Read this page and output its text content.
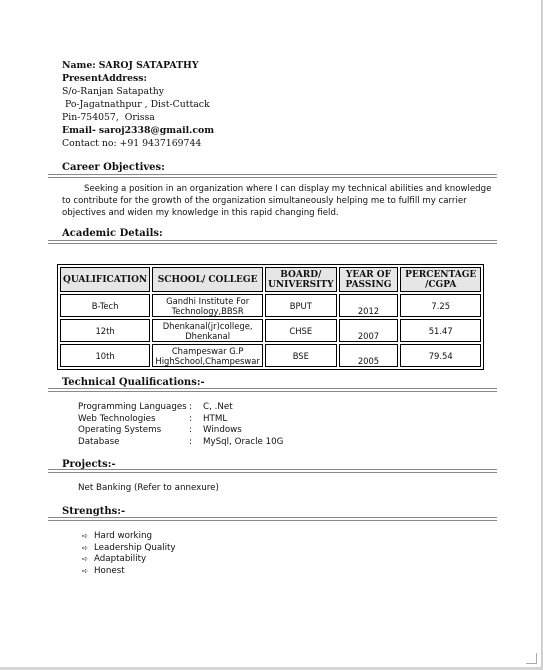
Name: SAROJ SATAPATHY
PresentAddress:
S/o-Ranjan Satapathy
Po-Jagatnathpur , Dist-Cuttack
Pin-754057,  Orissa
Email- saroj2338@gmail.com
Contact no: +91 9437169744
Career Objectives:
Seeking a position in an organization where I can display my technical abilities and knowledge to contribute for the growth of the organization simultaneously helping me to fulfill my carrier objectives and widen my knowledge in this rapid changing field.
Academic Details:
QUALIFICATION	SCHOOL/ COLLEGE	BOARD/ UNIVERSITY	YEAR OF PASSING	PERCENTAGE /CGPA
B-Tech	Gandhi Institute For Technology,BBSR	BPUT	2012	7.25
12th	Dhenkanal(jr)college, Dhenkanal	CHSE	2007	51.47
10th	Champeswar G.P HighSchool,Champeswar	BSE	2005	79.54
Technical Qualifications:-
Programming Languages :	C, .Net
Web Technologies	:	HTML
Operating Systems	:	Windows
Database	:	MySql, Oracle 10G
Projects:-
Net Banking (Refer to annexure)
Strengths:-
➪ Hard working
➪ Leadership Quality
➪ Adaptability
➪ Honest
